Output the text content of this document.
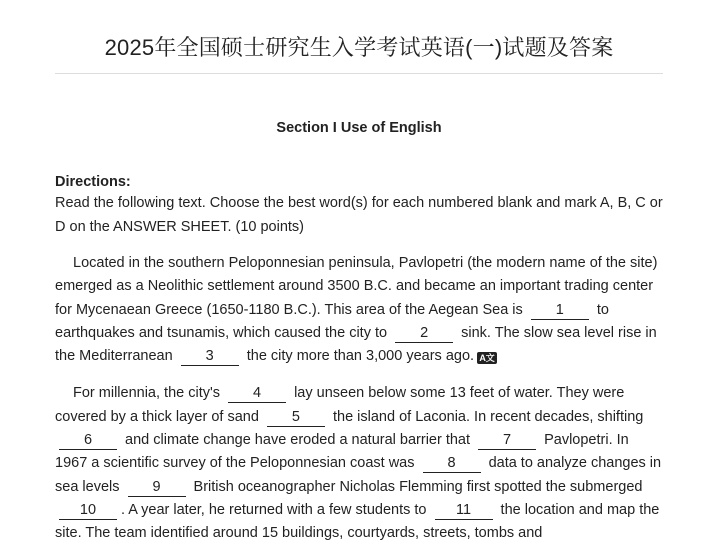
2025年全国硕士研究生入学考试英语(一)试题及答案
Section I Use of English
Directions:

Read the following text. Choose the best word(s) for each numbered blank and mark A, B, C or D on the ANSWER SHEET. (10 points)

Located in the southern Peloponnesian peninsula, Pavlopetri (the modern name of the site) emerged as a Neolithic settlement around 3500 B.C. and became an important trading center for Mycenaean Greece (1650-1180 B.C.). This area of the Aegean Sea is 1 to earthquakes and tsunamis, which caused the city to 2 sink. The slow sea level rise in the Mediterranean 3 the city more than 3,000 years ago. A文

For millennia, the city's 4 lay unseen below some 13 feet of water. They were covered by a thick layer of sand 5 the island of Laconia. In recent decades, shifting 6 and climate change have eroded a natural barrier that 7 Pavlopetri. In 1967 a scientific survey of the Peloponnesian coast was 8 data to analyze changes in sea levels 9 British oceanographer Nicholas Flemming first spotted the submerged 10 . A year later, he returned with a few students to 11 the location and map the site. The team identified around 15 buildings, courtyards, streets, tombs and
